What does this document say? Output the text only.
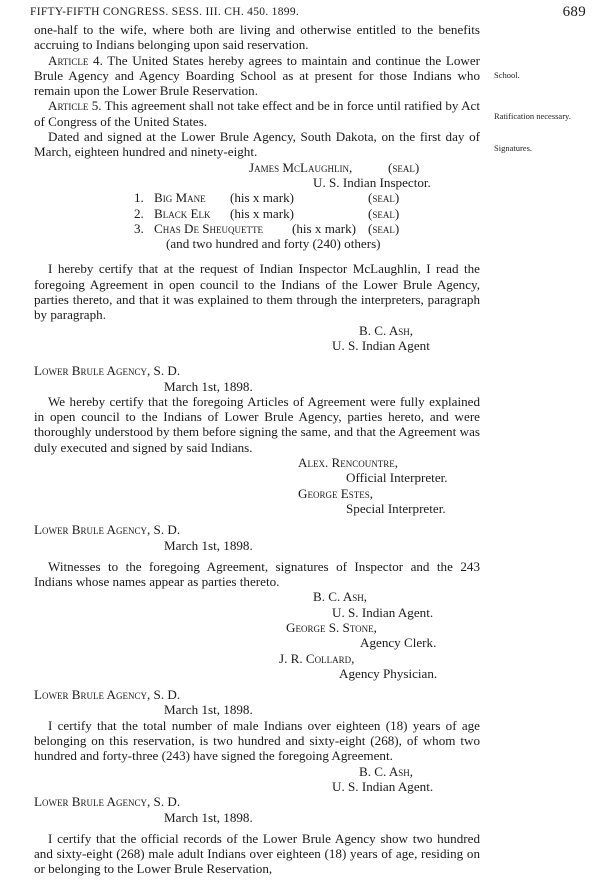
FIFTY-FIFTH CONGRESS. SESS. III. CH. 450. 1899.	689
School.
Ratification necessary.
Signatures.

one-half to the wife, where both are living and otherwise entitled to the benefits accruing to Indians belonging upon said reservation.

Article 4. The United States hereby agrees to maintain and continue the Lower Brule Agency and Agency Boarding School as at present for those Indians who remain upon the Lower Brule Reservation.

Article 5. This agreement shall not take effect and be in force until ratified by Act of Congress of the United States.

Dated and signed at the Lower Brule Agency, South Dakota, on the first day of March, eighteen hundred and ninety-eight.

James McLaughlin,	(seal)
U. S. Indian Inspector.
1. Big Mane (his x mark)	(seal)
2. Black Elk (his x mark)	(seal)
3. Chas De Sheuquette (his x mark) (seal)
(and two hundred and forty (240) others)

I hereby certify that at the request of Indian Inspector McLaughlin, I read the foregoing Agreement in open council to the Indians of the Lower Brule Agency, parties thereto, and that it was explained to them through the interpreters, paragraph by paragraph.

B. C. Ash,
U. S. Indian Agent
Lower Brule Agency, S. D.
March 1st, 1898.

We hereby certify that the foregoing Articles of Agreement were fully explained in open council to the Indians of Lower Brule Agency, parties hereto, and were thoroughly understood by them before signing the same, and that the Agreement was duly executed and signed by said Indians.

Alex. Rencountre,
Official Interpreter.
George Estes,
Special Interpreter.
Lower Brule Agency, S. D.
March 1st, 1898.

Witnesses to the foregoing Agreement, signatures of Inspector and the 243 Indians whose names appear as parties thereto.

B. C. Ash,
U. S. Indian Agent.
George S. Stone,
Agency Clerk.
J. R. Collard,
Agency Physician.
Lower Brule Agency, S. D.
March 1st, 1898.

I certify that the total number of male Indians over eighteen (18) years of age belonging on this reservation, is two hundred and sixty-eight (268), of whom two hundred and forty-three (243) have signed the foregoing Agreement.

B. C. Ash,
U. S. Indian Agent.
Lower Brule Agency, S. D.
March 1st, 1898.

I certify that the official records of the Lower Brule Agency show two hundred and sixty-eight (268) male adult Indians over eighteen (18) years of age, residing on or belonging to the Lower Brule Reservation,
